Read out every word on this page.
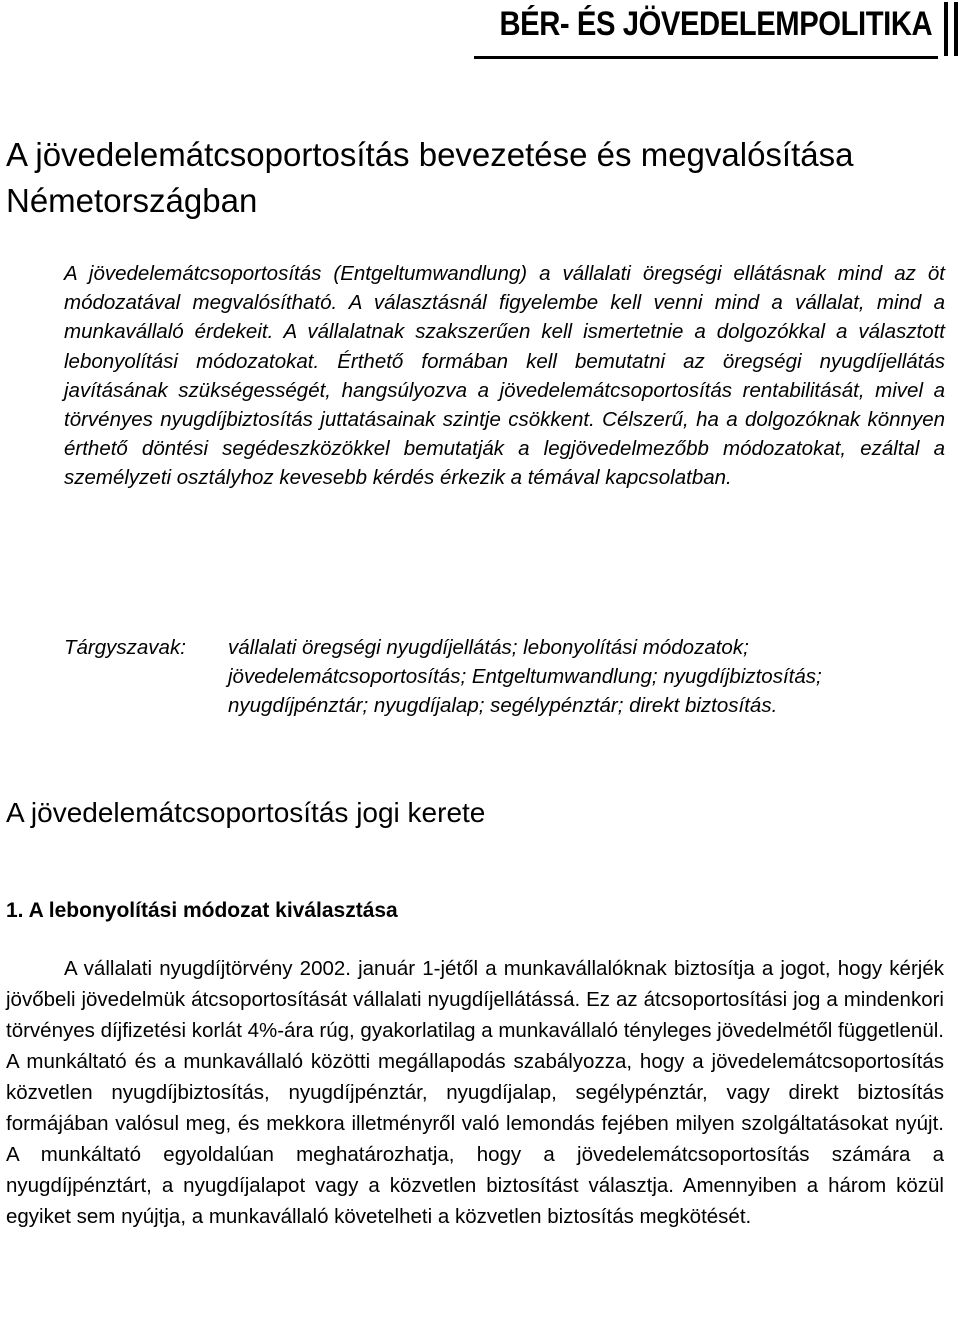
BÉR- ÉS JÖVEDELEMPOLITIKA
A jövedelemátcsoportosítás bevezetése és megvalósítása Németországban

A jövedelemátcsoportosítás (Entgeltumwandlung) a vállalati öregségi ellátásnak mind az öt módozatával megvalósítható. A választásnál figyelembe kell venni mind a vállalat, mind a munkavállaló érdekeit. A vállalatnak szakszerűen kell ismertetnie a dolgozókkal a választott lebonyolítási módozatokat. Érthető formában kell bemutatni az öregségi nyugdíjellátás javításának szükségességét, hangsúlyozva a jövedelemátcsoportosítás rentabilitását, mivel a törvényes nyugdíjbiztosítás juttatásainak szintje csökkent. Célszerű, ha a dolgozóknak könnyen érthető döntési segédeszközökkel bemutatják a legjövedelmezőbb módozatokat, ezáltal a személyzeti osztályhoz kevesebb kérdés érkezik a témával kapcsolatban.

Tárgyszavak:	vállalati öregségi nyugdíjellátás; lebonyolítási módozatok; jövedelemátcsoportosítás; Entgeltumwandlung; nyugdíjbiztosítás; nyugdíjpénztár; nyugdíjalap; segélypénztár; direkt biztosítás.
A jövedelemátcsoportosítás jogi kerete
1. A lebonyolítási módozat kiválasztása

A vállalati nyugdíjtörvény 2002. január 1-jétől a munkavállalóknak biztosítja a jogot, hogy kérjék jövőbeli jövedelmük átcsoportosítását vállalati nyugdíjellátássá. Ez az átcsoportosítási jog a mindenkori törvényes díjfizetési korlát 4%-ára rúg, gyakorlatilag a munkavállaló tényleges jövedelmétől függetlenül. A munkáltató és a munkavállaló közötti megállapodás szabályozza, hogy a jövedelemátcsoportosítás közvetlen nyugdíjbiztosítás, nyugdíjpénztár, nyugdíjalap, segélypénztár, vagy direkt biztosítás formájában valósul meg, és mekkora illetményről való lemondás fejében milyen szolgáltatásokat nyújt. A munkáltató egyoldalúan meghatározhatja, hogy a jövedelemátcsoportosítás számára a nyugdíjpénztárt, a nyugdíjalapot vagy a közvetlen biztosítást választja. Amennyiben a három közül egyiket sem nyújtja, a munkavállaló követelheti a közvetlen biztosítás megkötését.
